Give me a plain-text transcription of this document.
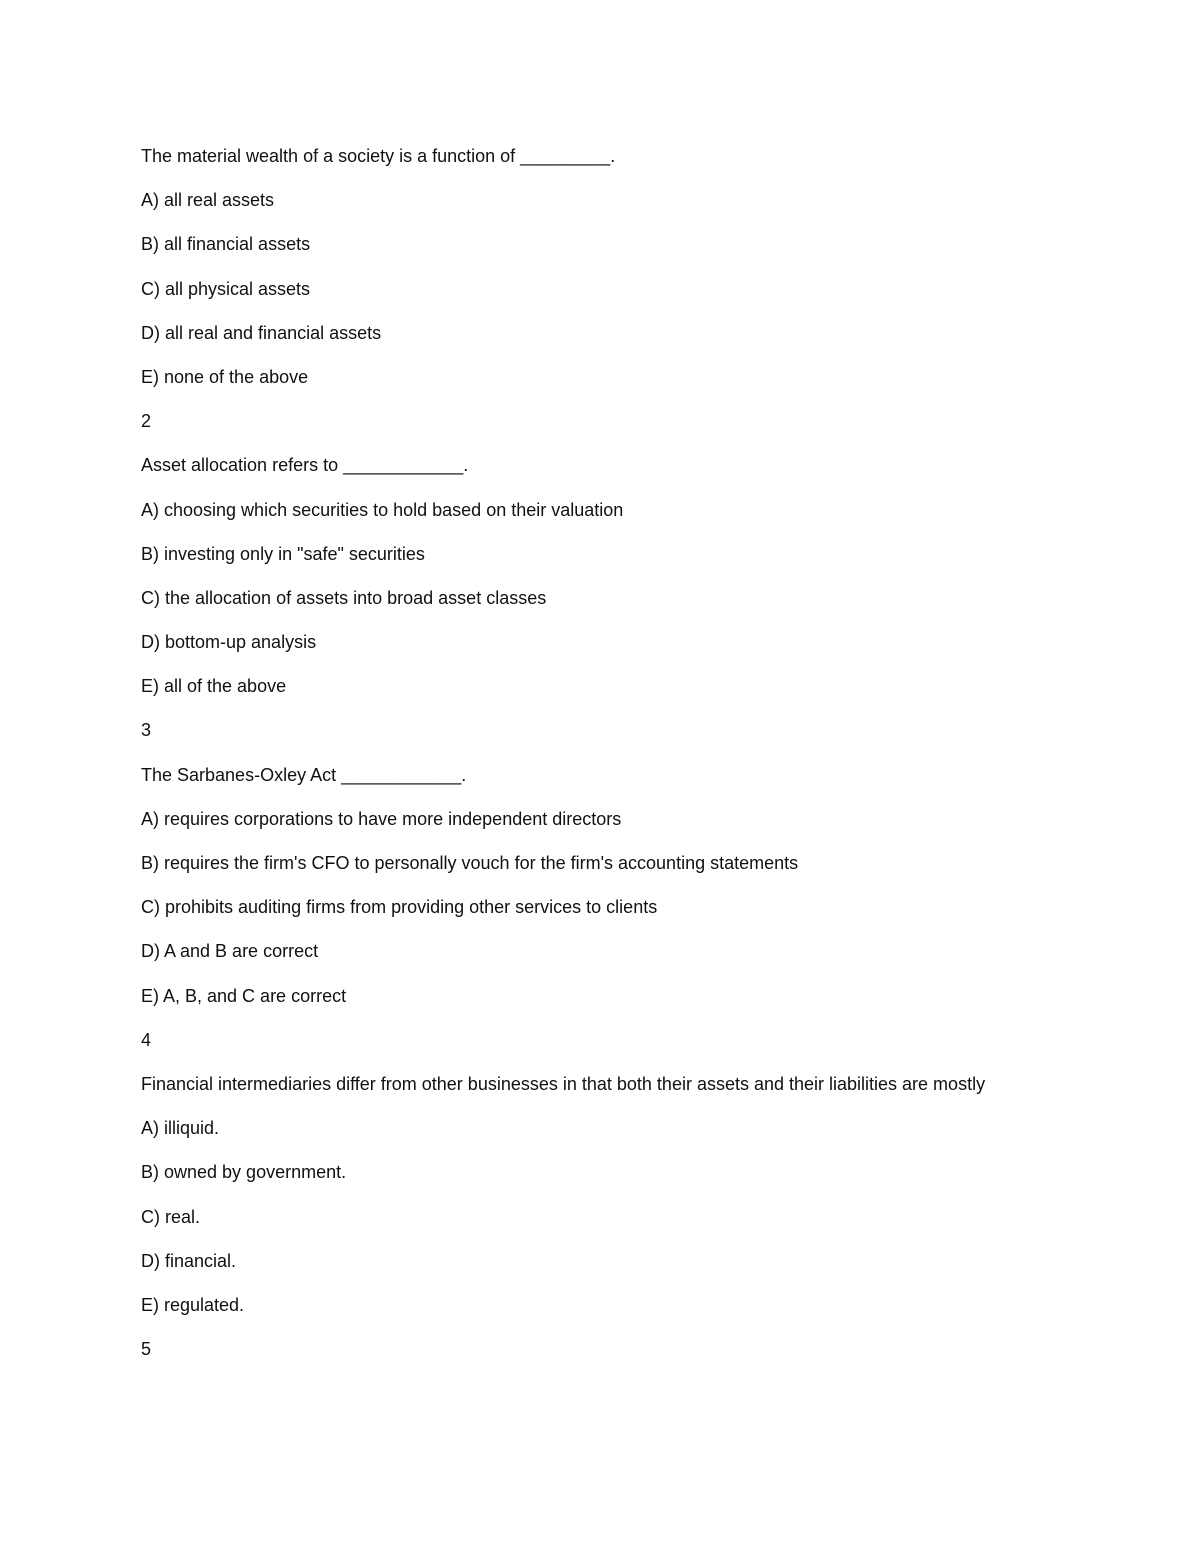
The material wealth of a society is a function of _________.
A) all real assets
B) all financial assets
C) all physical assets
D) all real and financial assets
E) none of the above
2
Asset allocation refers to ____________.
A) choosing which securities to hold based on their valuation
B) investing only in "safe" securities
C) the allocation of assets into broad asset classes
D) bottom-up analysis
E) all of the above
3
The Sarbanes-Oxley Act ____________.
A) requires corporations to have more independent directors
B) requires the firm's CFO to personally vouch for the firm's accounting statements
C) prohibits auditing firms from providing other services to clients
D) A and B are correct
E) A, B, and C are correct
4
Financial intermediaries differ from other businesses in that both their assets and their liabilities are mostly
A) illiquid.
B) owned by government.
C) real.
D) financial.
E) regulated.
5
